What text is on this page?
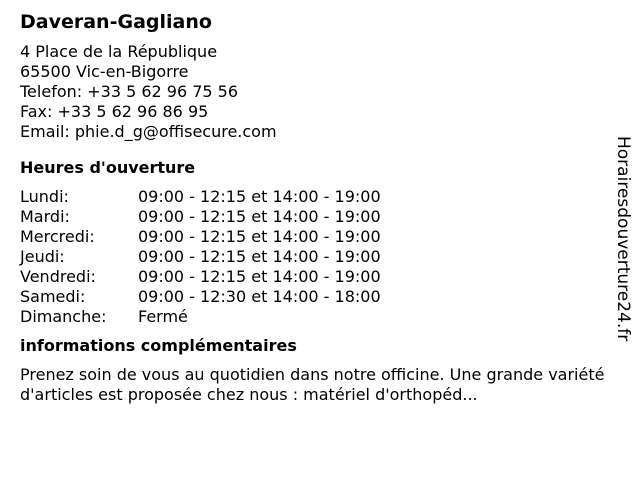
Daveran-Gagliano
4 Place de la République
65500 Vic-en-Bigorre
Telefon: +33 5 62 96 75 56
Fax: +33 5 62 96 86 95
Email: phie.d_g@offisecure.com
Heures d'ouverture
Lundi:	09:00 - 12:15 et 14:00 - 19:00
Mardi:	09:00 - 12:15 et 14:00 - 19:00
Mercredi:	09:00 - 12:15 et 14:00 - 19:00
Jeudi:	09:00 - 12:15 et 14:00 - 19:00
Vendredi:	09:00 - 12:15 et 14:00 - 19:00
Samedi:	09:00 - 12:30 et 14:00 - 18:00
Dimanche:	Fermé
informations complémentaires
Prenez soin de vous au quotidien dans notre officine. Une grande variété d'articles est proposée chez nous : matériel d'orthopéd...
Horairesdouverture24.fr
